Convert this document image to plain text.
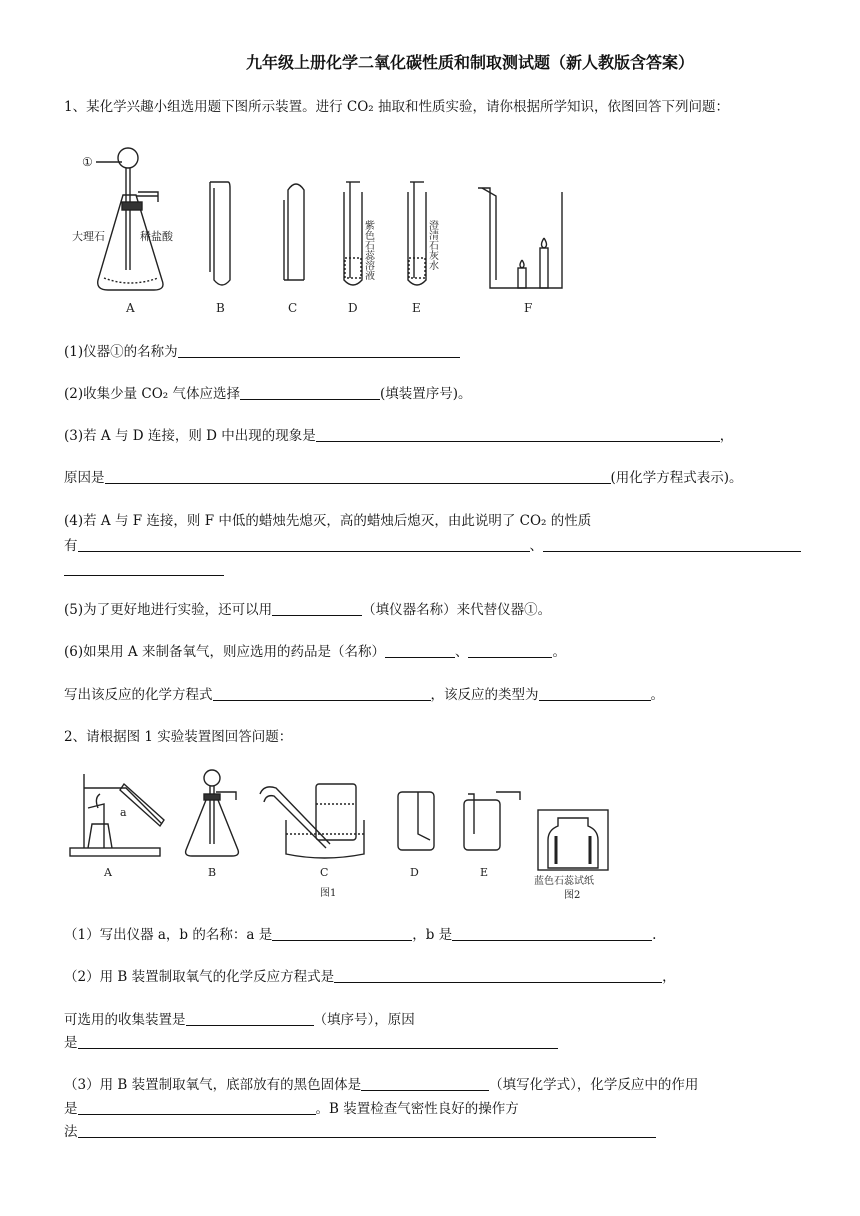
九年级上册化学二氧化碳性质和制取测试题（新人教版含答案）
1、某化学兴趣小组选用题下图所示装置。进行 CO₂ 抽取和性质实验，请你根据所学知识，依图回答下列问题：
①
大理石	稀盐酸
A	B	C
紫色石蕊溶液
D
澄清石灰水
E	F
(1)仪器①的名称为
(2)收集少量 CO₂ 气体应选择	(填装置序号)。
(3)若 A 与 D 连接，则 D 中出现的现象是	，
原因是	(用化学方程式表示)。
(4)若 A 与 F 连接，则 F 中低的蜡烛先熄灭，高的蜡烛后熄灭，由此说明了 CO₂ 的性质
有	、
(5)为了更好地进行实验，还可以用	（填仪器名称）来代替仪器①。
(6)如果用 A 来制备氧气，则应选用的药品是（名称）	、	。
写出该反应的化学方程式	，该反应的类型为	。
2、请根据图 1 实验装置图回答问题：
a
A	B	C	D	E
图1
蓝色石蕊试纸
图2
（1）写出仪器 a，b 的名称：a 是	，b 是	.
（2）用 B 装置制取氧气的化学反应方程式是	，
可选用的收集装置是	（填序号），原因
是
（3）用 B 装置制取氧气，底部放有的黑色固体是	（填写化学式），化学反应中的作用
是	。B 装置检查气密性良好的操作方
法
